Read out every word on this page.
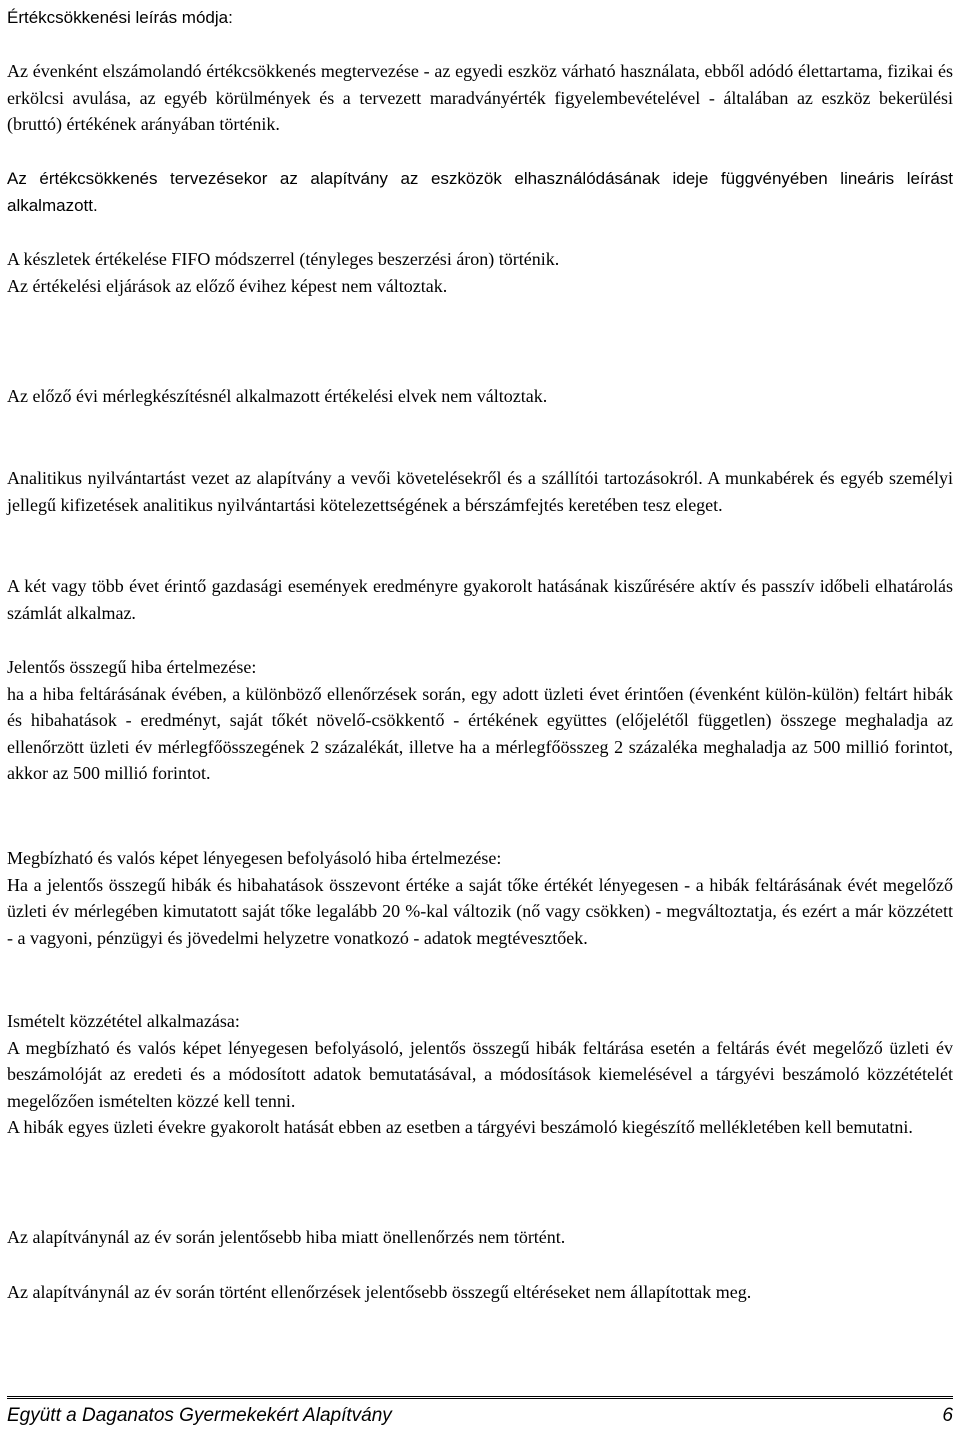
Értékcsökkenési leírás módja:

Az évenként elszámolandó értékcsökkenés megtervezése - az egyedi eszköz várható használata, ebből adódó élettartama, fizikai és erkölcsi avulása, az egyéb körülmények és a tervezett maradványérték figyelembevételével - általában az eszköz bekerülési (bruttó) értékének arányában történik.

Az értékcsökkenés tervezésekor az alapítvány az eszközök elhasználódásának ideje függvényében lineáris leírást alkalmazott.

A készletek értékelése FIFO módszerrel (tényleges beszerzési áron) történik.

Az értékelési eljárások az előző évihez képest nem változtak.

Az előző évi mérlegkészítésnél alkalmazott értékelési elvek nem változtak.

Analitikus nyilvántartást vezet az alapítvány a vevői követelésekről és a szállítói tartozásokról. A munkabérek és egyéb személyi jellegű kifizetések analitikus nyilvántartási kötelezettségének a bérszámfejtés keretében tesz eleget.

A két vagy több évet érintő gazdasági események eredményre gyakorolt hatásának kiszűrésére aktív és passzív időbeli elhatárolás számlát alkalmaz.

Jelentős összegű hiba értelmezése:

ha a hiba feltárásának évében, a különböző ellenőrzések során, egy adott üzleti évet érintően (évenként külön-külön) feltárt hibák és hibahatások - eredményt, saját tőkét növelő-csökkentő - értékének együttes (előjelétől független) összege meghaladja az ellenőrzött üzleti év mérlegfőösszegének 2 százalékát, illetve ha a mérlegfőösszeg 2 százaléka meghaladja az 500 millió forintot, akkor az 500 millió forintot.

Megbízható és valós képet lényegesen befolyásoló hiba értelmezése:

Ha a jelentős összegű hibák és hibahatások összevont értéke a saját tőke értékét lényegesen - a hibák feltárásának évét megelőző üzleti év mérlegében kimutatott saját tőke legalább 20 %-kal változik (nő vagy csökken) - megváltoztatja, és ezért a már közzétett - a vagyoni, pénzügyi és jövedelmi helyzetre vonatkozó - adatok megtévesztőek.

Ismételt közzététel alkalmazása:

A megbízható és valós képet lényegesen befolyásoló, jelentős összegű hibák feltárása esetén a feltárás évét megelőző üzleti év beszámolóját az eredeti és a módosított adatok bemutatásával, a módosítások kiemelésével a tárgyévi beszámoló közzétételét megelőzően ismételten közzé kell tenni.

A hibák egyes üzleti évekre gyakorolt hatását ebben az esetben a tárgyévi beszámoló kiegészítő mellékletében kell bemutatni.

Az alapítványnál az év során jelentősebb hiba miatt önellenőrzés nem történt.

Az alapítványnál az év során történt ellenőrzések jelentősebb összegű eltéréseket nem állapítottak meg.

Együtt a Daganatos Gyermekekért Alapítvány	6
